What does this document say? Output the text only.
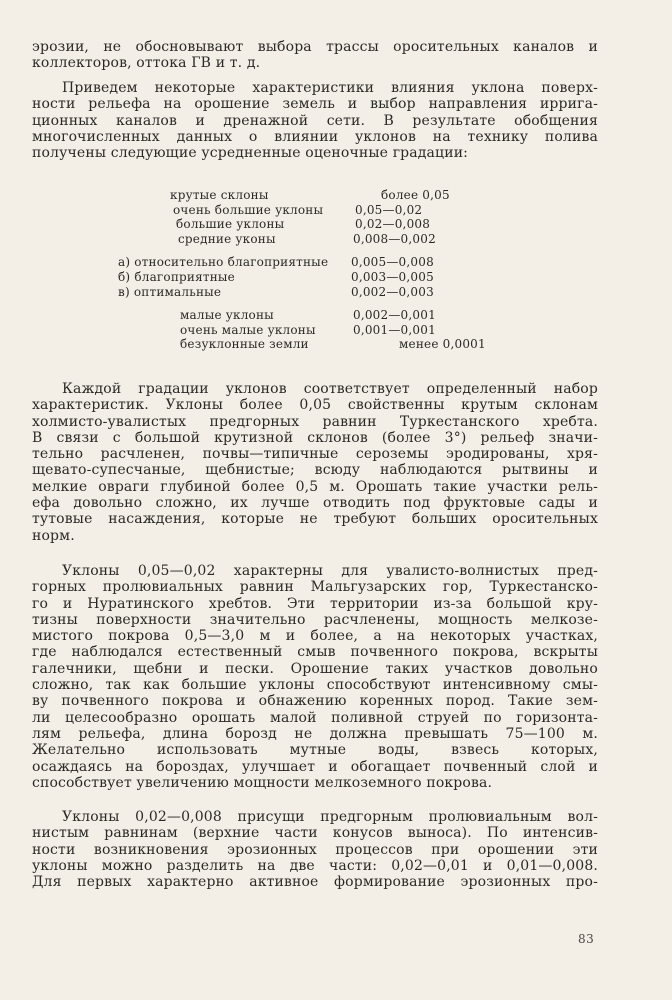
эрозии, не обосновывают выбора трассы оросительных каналов и
коллекторов, оттока ГВ и т. д.

Приведем некоторые характеристики влияния уклона поверх-
ности рельефа на орошение земель и выбор направления ирригa-
ционных каналов и дренажной сети. В результате обобщения
многочисленных данных о влиянии уклонов на технику полива
получены следующие усредненные оценочные градации:

крутые склоны	более 0,05
очень большие уклоны	0,05—0,02
большие уклоны	0,02—0,008
средние уконы	0,008—0,002
а) относительно благоприятные 0,005—0,008
б) благоприятные	0,003—0,005
в) оптимальные	0,002—0,003
малые уклоны	0,002—0,001
очень малые уклоны	0,001—0,001
безуклонные земли	менее 0,0001

Каждой градации уклонов соответствует определенный набор
характеристик. Уклоны более 0,05 свойственны крутым склонам
холмисто-увалистых предгорных равнин Туркестанского хребта.
В связи с большой крутизной склонов (более 3°) рельеф значи-
тельно расчленен, почвы—типичные сероземы эродированы, хря-
щевато-супесчаные, щебнистые; всюду наблюдаются рытвины и
мелкие овраги глубиной более 0,5 м. Орошать такие участки рель-
ефа довольно сложно, их лучше отводить под фруктовые сады и
тутовые насаждения, которые не требуют больших оросительных
норм.

Уклоны 0,05—0,02 характерны для увалисто-волнистых пред-
горных пролювиальных равнин Мальгузарских гор, Туркестанско-
го и Нуратинского хребтов. Эти территории из-за большой кру-
тизны поверхности значительно расчленены, мощность мелкозе-
мистого покрова 0,5—3,0 м и более, а на некоторых участках,
где наблюдался естественный смыв почвенного покрова, вскрыты
галечники, щебни и пески. Орошение таких участков довольно
сложно, так как большие уклоны способствуют интенсивному смы-
ву почвенного покрова и обнажению коренных пород. Такие зем-
ли целесообразно орошать малой поливной струей по горизонта-
лям рельефа, длина борозд не должна превышать 75—100 м.
Желательно использовать мутные воды, взвесь которых,
осаждаясь на бороздах, улучшает и обогащает почвенный слой и
способствует увеличению мощности мелкоземного покрова.

Уклоны 0,02—0,008 присущи предгорным пролювиальным вол-
нистым равнинам (верхние части конусов выноса). По интенсив-
ности возникновения эрозионных процессов при орошении эти
уклоны можно разделить на две части: 0,02—0,01 и 0,01—0,008.
Для первых характерно активное формирование эрозионных про-

83
